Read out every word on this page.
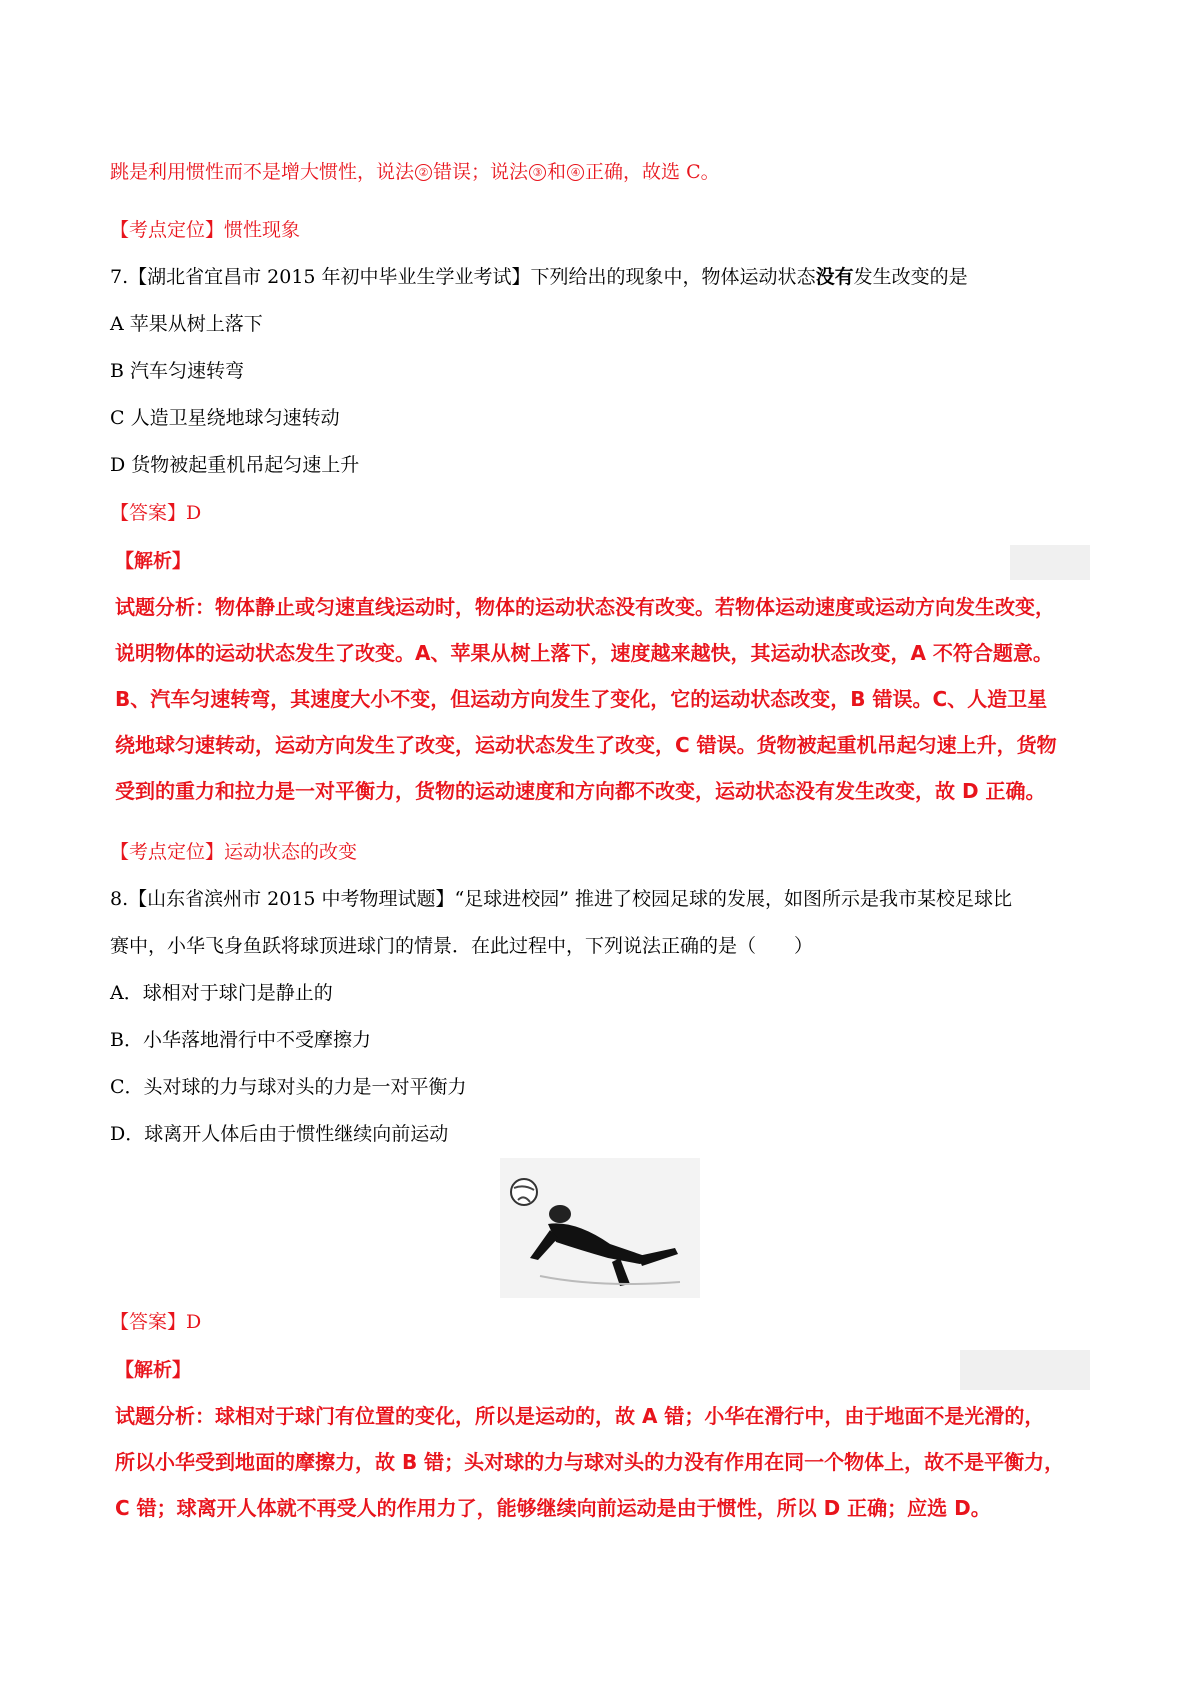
跳是利用惯性而不是增大惯性，说法 ② 错误；说法 ③ 和 ④ 正确，故选 C。
【考点定位】惯性现象
7.【湖北省宜昌市 2015 年初中毕业生学业考试】下列给出的现象中，物体运动状态没有发生改变的是
A 苹果从树上落下
B 汽车匀速转弯
C 人造卫星绕地球匀速转动
D 货物被起重机吊起匀速上升
【答案】D
【解析】

试题分析：物体静止或匀速直线运动时，物体的运动状态没有改变。若物体运动速度或运动方向发生改变，

说明物体的运动状态发生了改变。A、苹果从树上落下，速度越来越快，其运动状态改变，A 不符合题意。

B、汽车匀速转弯，其速度大小不变，但运动方向发生了变化，它的运动状态改变，B 错误。C、人造卫星

绕地球匀速转动，运动方向发生了改变，运动状态发生了改变，C 错误。货物被起重机吊起匀速上升，货物

受到的重力和拉力是一对平衡力，货物的运动速度和方向都不改变，运动状态没有发生改变，故 D 正确。

【考点定位】运动状态的改变
8.【山东省滨州市 2015 中考物理试题】“足球进校园” 推进了校园足球的发展，如图所示是我市某校足球比
赛中，小华飞身鱼跃将球顶进球门的情景．在此过程中，下列说法正确的是（　　）
A．球相对于球门是静止的
B．小华落地滑行中不受摩擦力
C．头对球的力与球对头的力是一对平衡力
D．球离开人体后由于惯性继续向前运动
【答案】D
【解析】

试题分析：球相对于球门有位置的变化，所以是运动的，故 A 错；小华在滑行中，由于地面不是光滑的，

所以小华受到地面的摩擦力，故 B 错；头对球的力与球对头的力没有作用在同一个物体上，故不是平衡力，

C 错；球离开人体就不再受人的作用力了，能够继续向前运动是由于惯性，所以 D 正确；应选 D。
